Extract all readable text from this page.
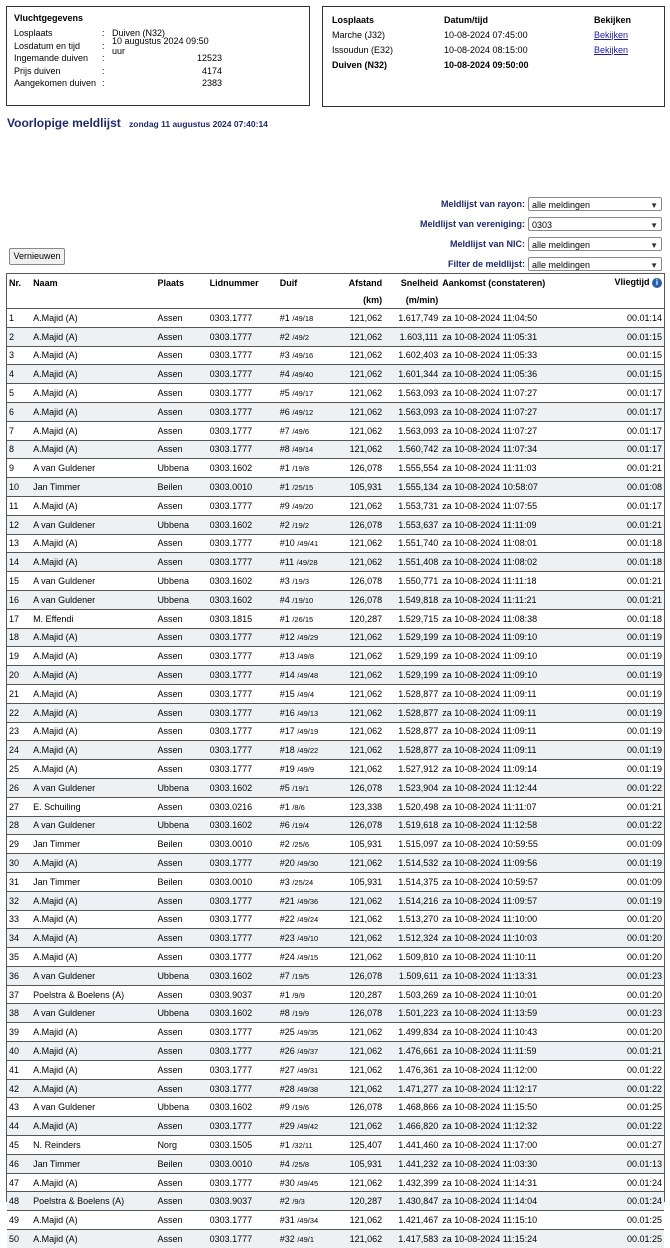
Vluchtgegevens
Losplaats	: Duiven (N32)
Losdatum en tijd	: 10 augustus 2024 09:50 uur
Ingemande duiven	:	12523
Prijs duiven	:	4174
Aangekomen duiven :	2383
Losplaats	Datum/tijd	Bekijken
Marche (J32)	10-08-2024 07:45:00	Bekijken
Issoudun (E32)	10-08-2024 08:15:00	Bekijken
Duiven (N32)	10-08-2024 09:50:00
Voorlopige meldlijst zondag 11 augustus 2024 07:40:14
Meldlijst van rayon: alle meldingen	▼
Meldlijst van vereniging: 0303	▼
Meldlijst van NIC: alle meldingen	▼
Filter de meldlijst: alle meldingen	▼
Vernieuwen
Nr.	Naam	Plaats	Lidnummer	Duif	Afstand	Snelheid	Aankomst (constateren)	Vliegtijd i
					(km)	(m/min)		
1	A.Majid (A)	Assen	0303.1777	#1 /49/18	121,062	1.617,749	za 10-08-2024 11:04:50	00.01:14
2	A.Majid (A)	Assen	0303.1777	#2 /49/2	121,062	1.603,111	za 10-08-2024 11:05:31	00.01:15
3	A.Majid (A)	Assen	0303.1777	#3 /49/16	121,062	1.602,403	za 10-08-2024 11:05:33	00.01:15
4	A.Majid (A)	Assen	0303.1777	#4 /49/40	121,062	1.601,344	za 10-08-2024 11:05:36	00.01:15
5	A.Majid (A)	Assen	0303.1777	#5 /49/17	121,062	1.563,093	za 10-08-2024 11:07:27	00.01:17
6	A.Majid (A)	Assen	0303.1777	#6 /49/12	121,062	1.563,093	za 10-08-2024 11:07:27	00.01:17
7	A.Majid (A)	Assen	0303.1777	#7 /49/6	121,062	1.563,093	za 10-08-2024 11:07:27	00.01:17
8	A.Majid (A)	Assen	0303.1777	#8 /49/14	121,062	1.560,742	za 10-08-2024 11:07:34	00.01:17
9	A van Guldener	Ubbena	0303.1602	#1 /19/8	126,078	1.555,554	za 10-08-2024 11:11:03	00.01:21
10	Jan Timmer	Beilen	0303.0010	#1 /25/15	105,931	1.555,134	za 10-08-2024 10:58:07	00.01:08
11	A.Majid (A)	Assen	0303.1777	#9 /49/20	121,062	1.553,731	za 10-08-2024 11:07:55	00.01:17
12	A van Guldener	Ubbena	0303.1602	#2 /19/2	126,078	1.553,637	za 10-08-2024 11:11:09	00.01:21
13	A.Majid (A)	Assen	0303.1777	#10 /49/41	121,062	1.551,740	za 10-08-2024 11:08:01	00.01:18
14	A.Majid (A)	Assen	0303.1777	#11 /49/28	121,062	1.551,408	za 10-08-2024 11:08:02	00.01:18
15	A van Guldener	Ubbena	0303.1602	#3 /19/3	126,078	1.550,771	za 10-08-2024 11:11:18	00.01:21
16	A van Guldener	Ubbena	0303.1602	#4 /19/10	126,078	1.549,818	za 10-08-2024 11:11:21	00.01:21
17	M. Effendi	Assen	0303.1815	#1 /26/15	120,287	1.529,715	za 10-08-2024 11:08:38	00.01:18
18	A.Majid (A)	Assen	0303.1777	#12 /49/29	121,062	1.529,199	za 10-08-2024 11:09:10	00.01:19
19	A.Majid (A)	Assen	0303.1777	#13 /49/8	121,062	1.529,199	za 10-08-2024 11:09:10	00.01:19
20	A.Majid (A)	Assen	0303.1777	#14 /49/48	121,062	1.529,199	za 10-08-2024 11:09:10	00.01:19
21	A.Majid (A)	Assen	0303.1777	#15 /49/4	121,062	1.528,877	za 10-08-2024 11:09:11	00.01:19
22	A.Majid (A)	Assen	0303.1777	#16 /49/13	121,062	1.528,877	za 10-08-2024 11:09:11	00.01:19
23	A.Majid (A)	Assen	0303.1777	#17 /49/19	121,062	1.528,877	za 10-08-2024 11:09:11	00.01:19
24	A.Majid (A)	Assen	0303.1777	#18 /49/22	121,062	1.528,877	za 10-08-2024 11:09:11	00.01:19
25	A.Majid (A)	Assen	0303.1777	#19 /49/9	121,062	1.527,912	za 10-08-2024 11:09:14	00.01:19
26	A van Guldener	Ubbena	0303.1602	#5 /19/1	126,078	1.523,904	za 10-08-2024 11:12:44	00.01:22
27	E. Schuiling	Assen	0303.0216	#1 /8/6	123,338	1.520,498	za 10-08-2024 11:11:07	00.01:21
28	A van Guldener	Ubbena	0303.1602	#6 /19/4	126,078	1.519,618	za 10-08-2024 11:12:58	00.01:22
29	Jan Timmer	Beilen	0303.0010	#2 /25/6	105,931	1.515,097	za 10-08-2024 10:59:55	00.01:09
30	A.Majid (A)	Assen	0303.1777	#20 /49/30	121,062	1.514,532	za 10-08-2024 11:09:56	00.01:19
31	Jan Timmer	Beilen	0303.0010	#3 /25/24	105,931	1.514,375	za 10-08-2024 10:59:57	00.01:09
32	A.Majid (A)	Assen	0303.1777	#21 /49/36	121,062	1.514,216	za 10-08-2024 11:09:57	00.01:19
33	A.Majid (A)	Assen	0303.1777	#22 /49/24	121,062	1.513,270	za 10-08-2024 11:10:00	00.01:20
34	A.Majid (A)	Assen	0303.1777	#23 /49/10	121,062	1.512,324	za 10-08-2024 11:10:03	00.01:20
35	A.Majid (A)	Assen	0303.1777	#24 /49/15	121,062	1.509,810	za 10-08-2024 11:10:11	00.01:20
36	A van Guldener	Ubbena	0303.1602	#7 /19/5	126,078	1.509,611	za 10-08-2024 11:13:31	00.01:23
37	Poelstra & Boelens (A)	Assen	0303.9037	#1 /9/9	120,287	1.503,269	za 10-08-2024 11:10:01	00.01:20
38	A van Guldener	Ubbena	0303.1602	#8 /19/9	126,078	1.501,223	za 10-08-2024 11:13:59	00.01:23
39	A.Majid (A)	Assen	0303.1777	#25 /49/35	121,062	1.499,834	za 10-08-2024 11:10:43	00.01:20
40	A.Majid (A)	Assen	0303.1777	#26 /49/37	121,062	1.476,661	za 10-08-2024 11:11:59	00.01:21
41	A.Majid (A)	Assen	0303.1777	#27 /49/31	121,062	1.476,361	za 10-08-2024 11:12:00	00.01:22
42	A.Majid (A)	Assen	0303.1777	#28 /49/38	121,062	1.471,277	za 10-08-2024 11:12:17	00.01:22
43	A van Guldener	Ubbena	0303.1602	#9 /19/6	126,078	1.468,866	za 10-08-2024 11:15:50	00.01:25
44	A.Majid (A)	Assen	0303.1777	#29 /49/42	121,062	1.466,820	za 10-08-2024 11:12:32	00.01:22
45	N. Reinders	Norg	0303.1505	#1 /32/11	125,407	1.441,460	za 10-08-2024 11:17:00	00.01:27
46	Jan Timmer	Beilen	0303.0010	#4 /25/8	105,931	1.441,232	za 10-08-2024 11:03:30	00.01:13
47	A.Majid (A)	Assen	0303.1777	#30 /49/45	121,062	1.432,399	za 10-08-2024 11:14:31	00.01:24
48	Poelstra & Boelens (A)	Assen	0303.9037	#2 /9/3	120,287	1.430,847	za 10-08-2024 11:14:04	00.01:24
49	A.Majid (A)	Assen	0303.1777	#31 /49/34	121,062	1.421,467	za 10-08-2024 11:15:10	00.01:25
50	A.Majid (A)	Assen	0303.1777	#32 /49/1	121,062	1.417,583	za 10-08-2024 11:15:24	00.01:25
